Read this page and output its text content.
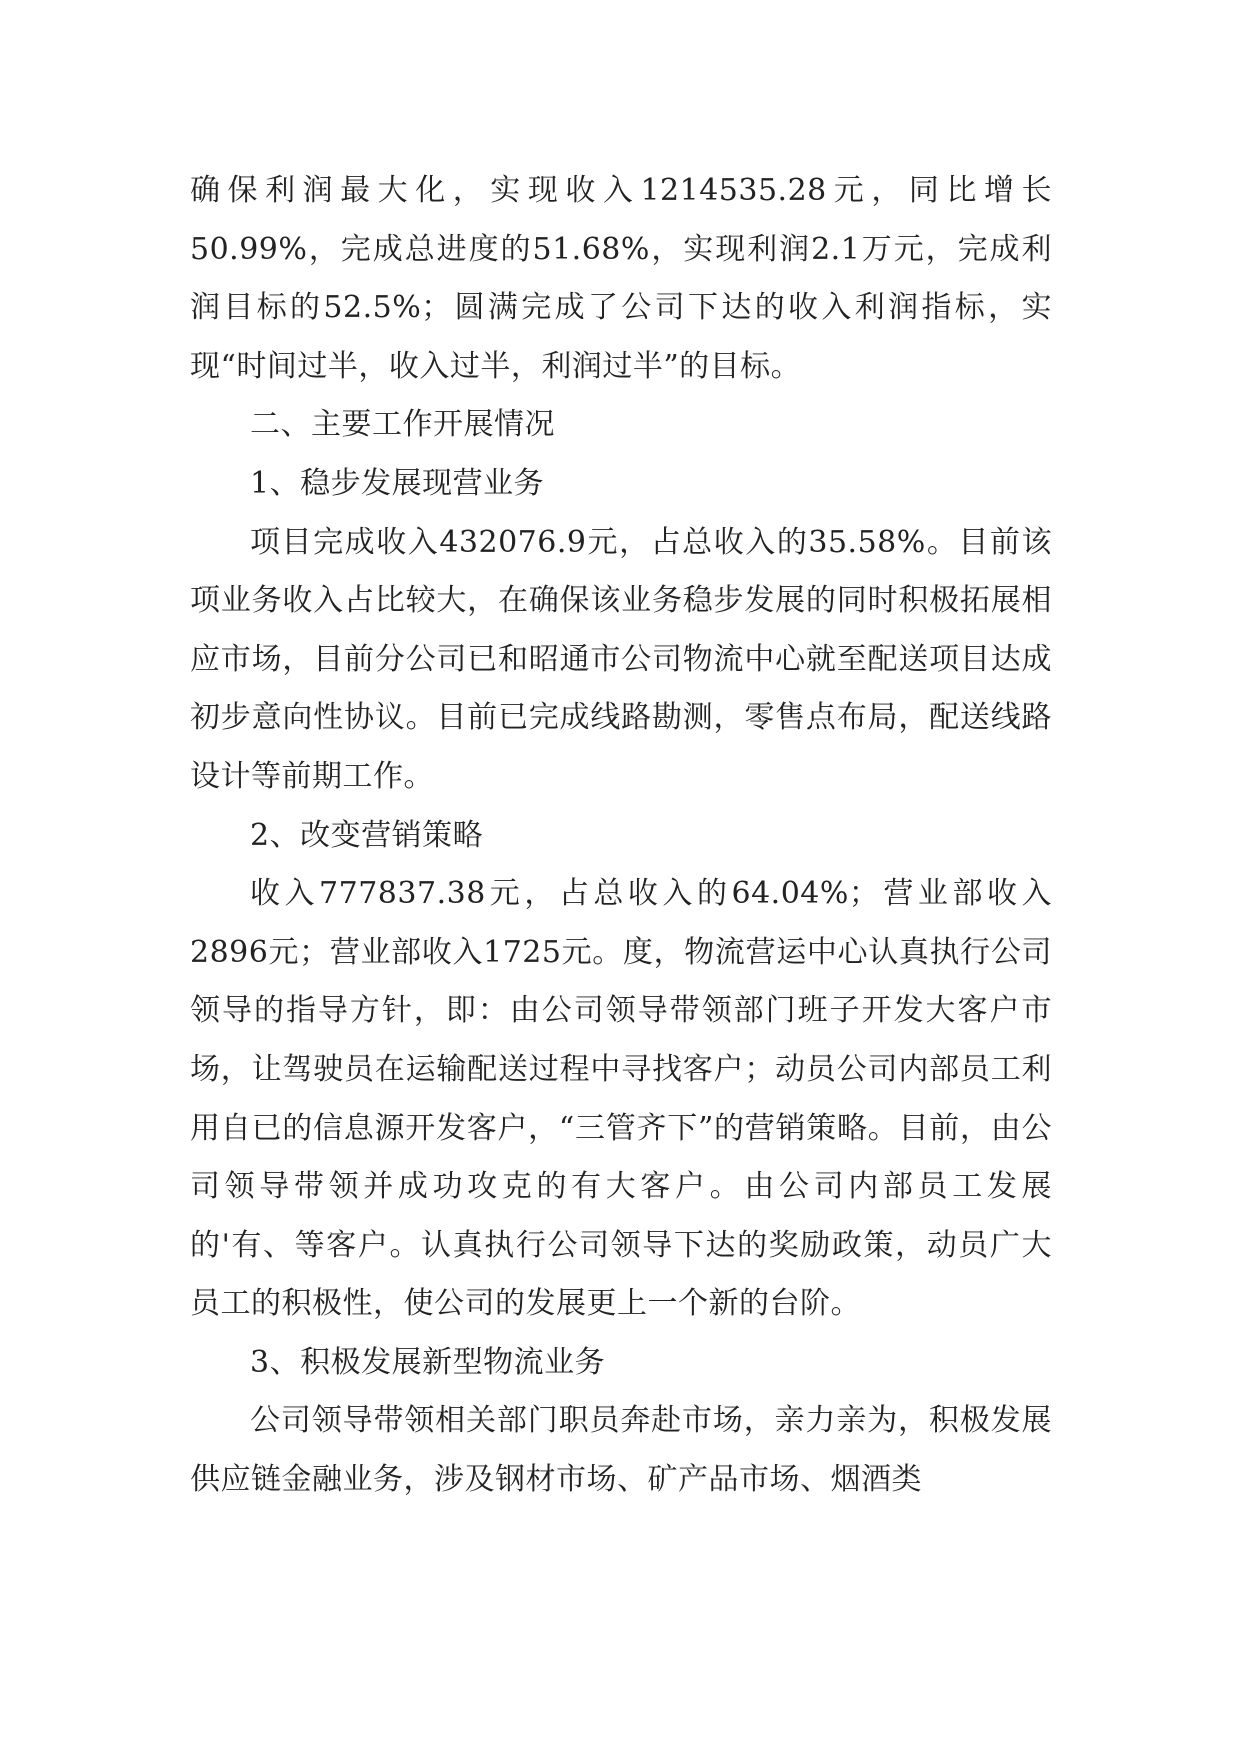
确保利润最大化，实现收入1214535.28元，同比增长50.99%，完成总进度的51.68%，实现利润2.1万元，完成利润目标的52.5%；圆满完成了公司下达的收入利润指标，实现“时间过半，收入过半，利润过半”的目标。

二、主要工作开展情况

1、稳步发展现营业务

项目完成收入432076.9元，占总收入的35.58%。目前该项业务收入占比较大，在确保该业务稳步发展的同时积极拓展相应市场，目前分公司已和昭通市公司物流中心就至配送项目达成初步意向性协议。目前已完成线路勘测，零售点布局，配送线路设计等前期工作。

2、改变营销策略

收入777837.38元，占总收入的64.04%；营业部收入2896元；营业部收入1725元。度，物流营运中心认真执行公司领导的指导方针，即：由公司领导带领部门班子开发大客户市场，让驾驶员在运输配送过程中寻找客户；动员公司内部员工利用自已的信息源开发客户，“三管齐下”的营销策略。目前，由公司领导带领并成功攻克的有大客户。由公司内部员工发展的'有、等客户。认真执行公司领导下达的奖励政策，动员广大员工的积极性，使公司的发展更上一个新的台阶。

3、积极发展新型物流业务

公司领导带领相关部门职员奔赴市场，亲力亲为，积极发展供应链金融业务，涉及钢材市场、矿产品市场、烟酒类
